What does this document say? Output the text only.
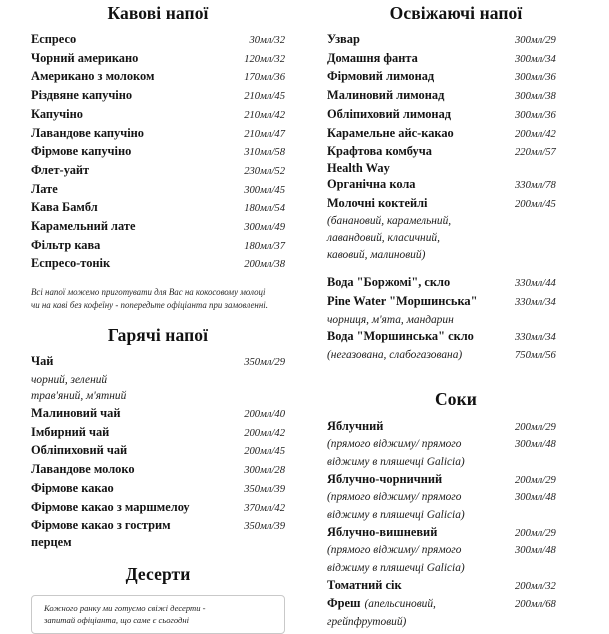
Кавові напої
Еспресо	30мл/32
Чорний американо	120мл/32
Американо з молоком	170мл/36
Різдвяне капучіно	210мл/45
Капучіно	210мл/42
Лавандове капучіно	210мл/47
Фірмове капучіно	310мл/58
Флет-уайт	230мл/52
Лате	300мл/45
Кава Бамбл	180мл/54
Карамельний лате	300мл/49
Фільтр кава	180мл/37
Еспресо-тонік	200мл/38
Всі напої можемо приготувати для Вас на кокосовому молоці
чи на каві без кофеїну - попередьте офіціанта при замовленні.
Гарячі напої
Чай	350мл/29
чорний, зелений
трав'яний, м'ятний
Малиновий чай	200мл/40
Імбирний чай	200мл/42
Обліпиховий чай	200мл/45
Лавандове молоко	300мл/28
Фірмове какао	350мл/39
Фірмове какао з маршмелоу	370мл/42
Фірмове какао з гострим перцем
350мл/39
Десерти
Кожного ранку ми готуємо свіжі десерти -
запитай офіціанта, що саме є сьогодні
Освіжаючі напої
Узвар	300мл/29
Домашня фанта	300мл/34
Фірмовий лимонад	300мл/36
Малиновий лимонад	300мл/38
Обліпиховий лимонад	300мл/36
Карамельне айс-какао	200мл/42
Крафтова комбуча Health Way
220мл/57
Органічна кола	330мл/78
Молочні коктейлі	200мл/45
(банановий, карамельний,
лавандовий, класичний,
кавовий, малиновий)
Вода "Боржомі", скло	330мл/44
Pine Water "Моршинська"	330мл/34
чорниця, м'ята, мандарин
Вода "Моршинська" скло	330мл/34
(негазована, слабогазована)	750мл/56
Соки
Яблучний	200мл/29
(прямого віджиму/ прямого	300мл/48
віджиму в пляшечці Galicia)
Яблучно-чорничний	200мл/29
(прямого віджиму/ прямого	300мл/48
віджиму в пляшечці Galicia)
Яблучно-вишневий	200мл/29
(прямого віджиму/ прямого	300мл/48
віджиму в пляшечці Galicia)
Томатний сік	200мл/32
Фреш (апельсиновий,	200мл/68
грейпфрутовий)
